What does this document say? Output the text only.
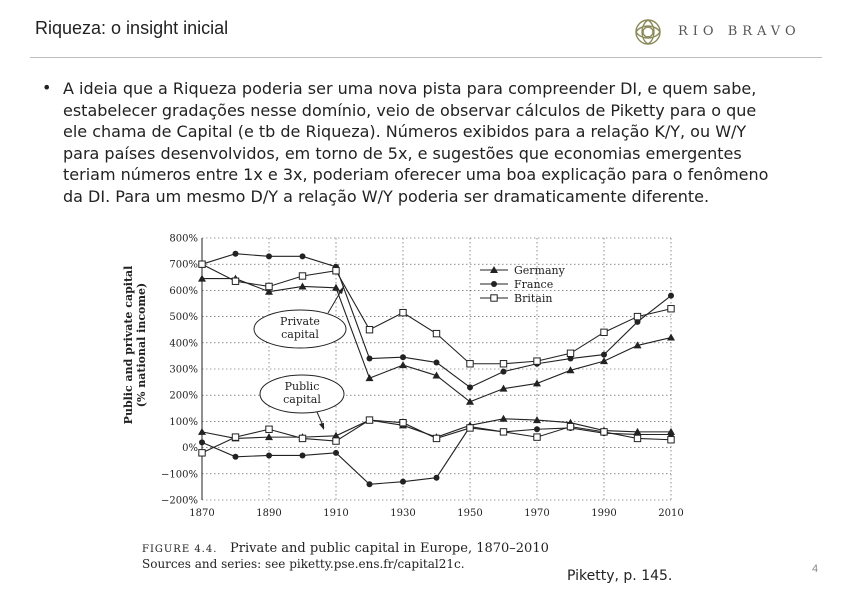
Riqueza: o insight inicial	RIO BRAVO
• A ideia que a Riqueza poderia ser uma nova pista para compreender DI, e quem sabe, estabelecer gradações nesse domínio, veio de observar cálculos de Piketty para o que ele chama de Capital (e tb de Riqueza). Números exibidos para a relação K/Y, ou W/Y para países desenvolvidos, em torno de 5x, e sugestões que economias emergentes teriam números entre 1x e 3x, poderiam oferecer uma boa explicação para o fenômeno da DI. Para um mesmo D/Y a relação W/Y poderia ser dramaticamente diferente.
−200%
−100%
0%
100%
200%
300%
400%
500%
600%
700%
800%
1870	1890	1910	1930	1950	1970	1990	2010
Public and private capital	Germany
France
Britain
Private
capital
Public
capital
FIGURE 4.4. Private and public capital in Europe, 1870–2010
Sources and series: see piketty.pse.ens.fr/capital21c.
(% national income)
Piketty, p. 145.	4
